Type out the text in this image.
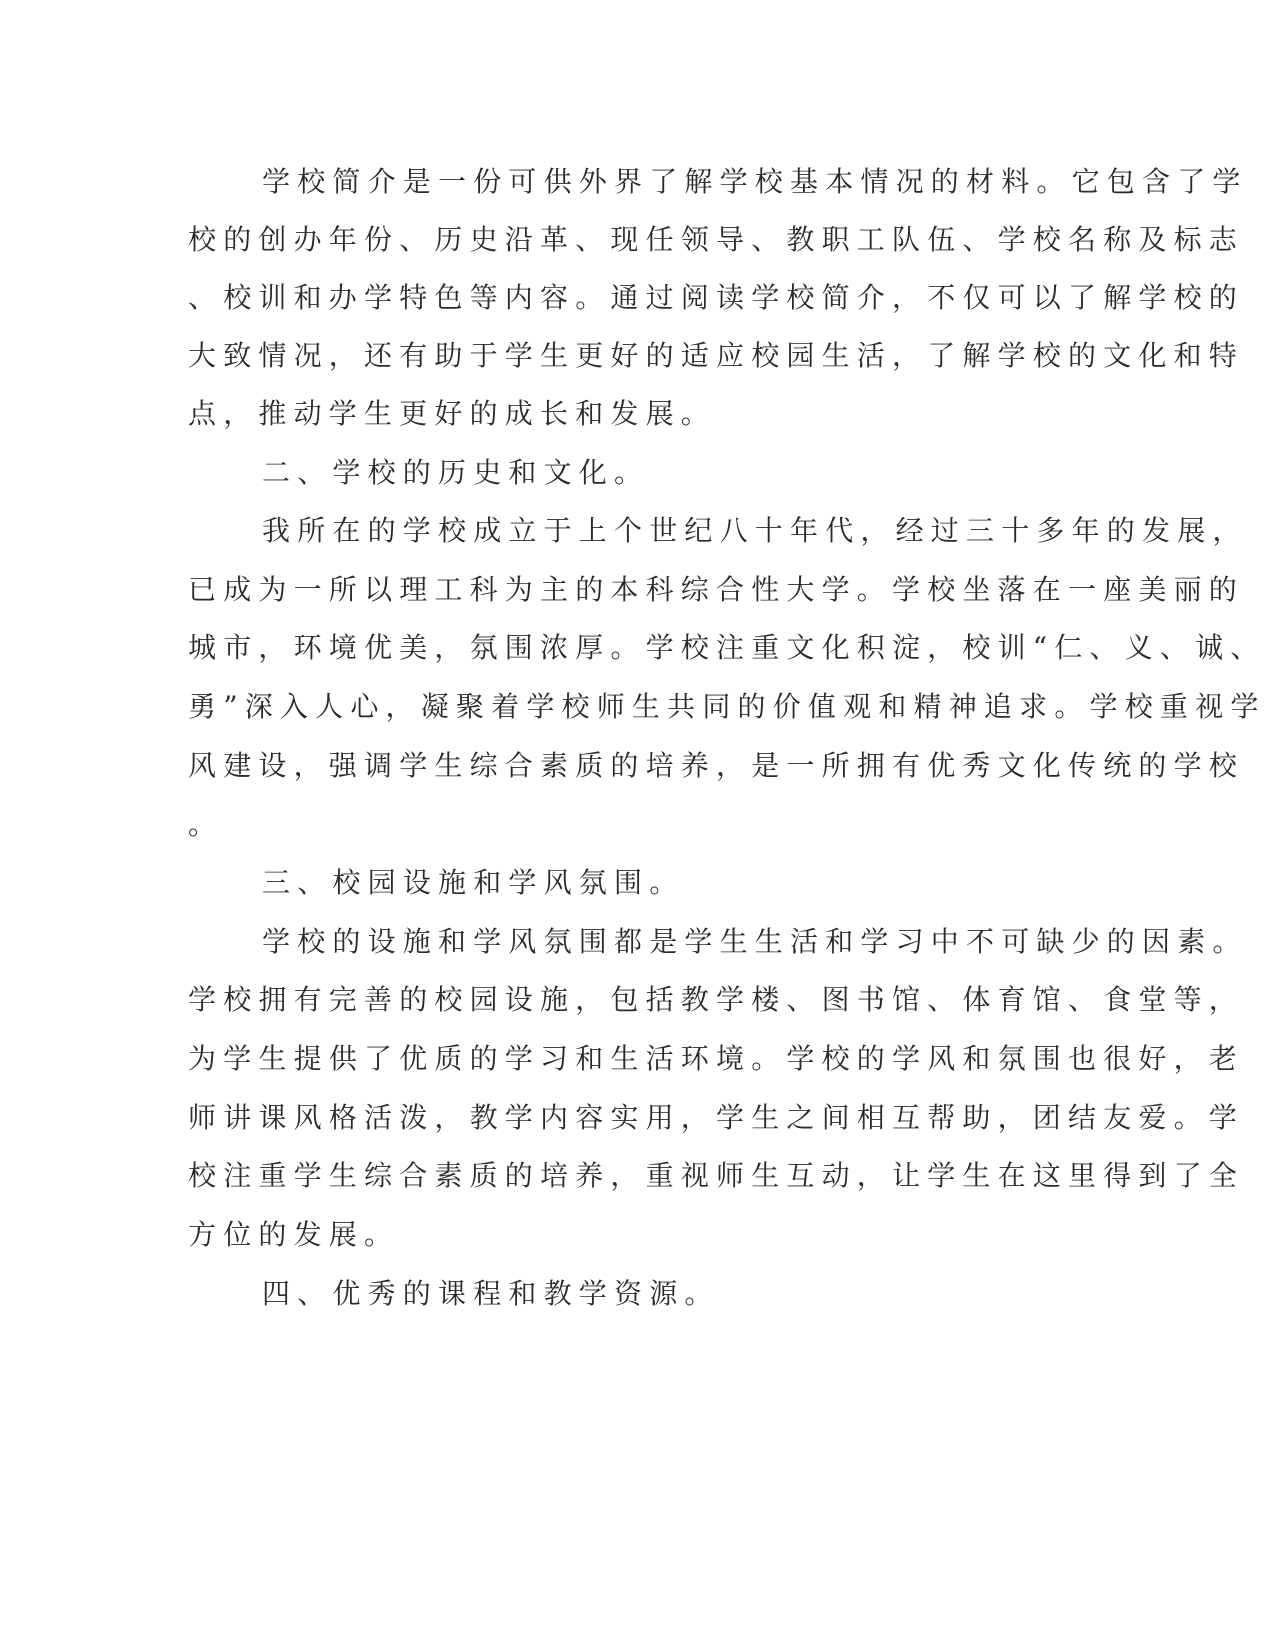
学校简介是一份可供外界了解学校基本情况的材料。它包含了学

校的创办年份、历史沿革、现任领导、教职工队伍、学校名称及标志

、校训和办学特色等内容。通过阅读学校简介，不仅可以了解学校的

大致情况，还有助于学生更好的适应校园生活，了解学校的文化和特

点，推动学生更好的成长和发展。

二、学校的历史和文化。

我所在的学校成立于上个世纪八十年代，经过三十多年的发展，

已成为一所以理工科为主的本科综合性大学。学校坐落在一座美丽的

城市，环境优美，氛围浓厚。学校注重文化积淀，校训“仁、义、诚、

勇”深入人心，凝聚着学校师生共同的价值观和精神追求。学校重视学

风建设，强调学生综合素质的培养，是一所拥有优秀文化传统的学校

。

三、校园设施和学风氛围。

学校的设施和学风氛围都是学生生活和学习中不可缺少的因素。

学校拥有完善的校园设施，包括教学楼、图书馆、体育馆、食堂等，

为学生提供了优质的学习和生活环境。学校的学风和氛围也很好，老

师讲课风格活泼，教学内容实用，学生之间相互帮助，团结友爱。学

校注重学生综合素质的培养，重视师生互动，让学生在这里得到了全

方位的发展。

四、优秀的课程和教学资源。
